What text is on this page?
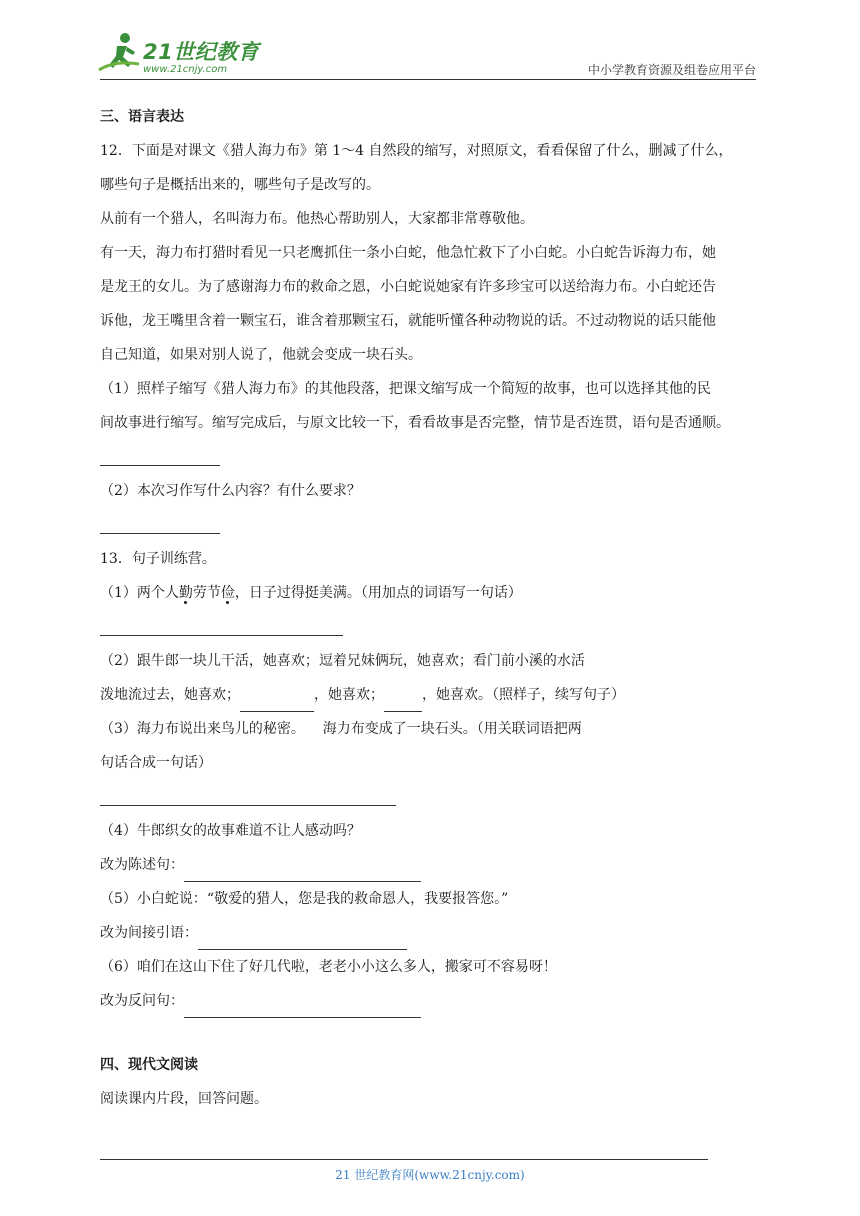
21世纪教育
www.21cnjy.com	中小学教育资源及组卷应用平台
三、语言表达
12．下面是对课文《猎人海力布》第 1～4 自然段的缩写，对照原文，看看保留了什么，删减了什么，
哪些句子是概括出来的，哪些句子是改写的。
从前有一个猎人，名叫海力布。他热心帮助别人，大家都非常尊敬他。
有一天，海力布打猎时看见一只老鹰抓住一条小白蛇，他急忙救下了小白蛇。小白蛇告诉海力布，她
是龙王的女儿。为了感谢海力布的救命之恩，小白蛇说她家有许多珍宝可以送给海力布。小白蛇还告
诉他，龙王嘴里含着一颗宝石，谁含着那颗宝石，就能听懂各种动物说的话。不过动物说的话只能他
自己知道，如果对别人说了，他就会变成一块石头。
（1）照样子缩写《猎人海力布》的其他段落，把课文缩写成一个简短的故事，也可以选择其他的民
间故事进行缩写。缩写完成后，与原文比较一下，看看故事是否完整，情节是否连贯，语句是否通顺。
（2）本次习作写什么内容？有什么要求？
13．句子训练营。
（1）两个人勤劳节俭，日子过得挺美满。（用加点的词语写一句话）
（2）跟牛郎一块儿干活，她喜欢；逗着兄妹俩玩，她喜欢；看门前小溪的水活
泼地流过去，她喜欢；	，她喜欢；	，她喜欢。（照样子，续写句子）
（3）海力布说出来鸟儿的秘密。    海力布变成了一块石头。（用关联词语把两
句话合成一句话）
（4）牛郎织女的故事难道不让人感动吗？
改为陈述句：
（5）小白蛇说：“敬爱的猎人，您是我的救命恩人，我要报答您。”
改为间接引语：
（6）咱们在这山下住了好几代啦，老老小小这么多人，搬家可不容易呀！
改为反问句：
四、现代文阅读
阅读课内片段，回答问题。
21 世纪教育网(www.21cnjy.com)
